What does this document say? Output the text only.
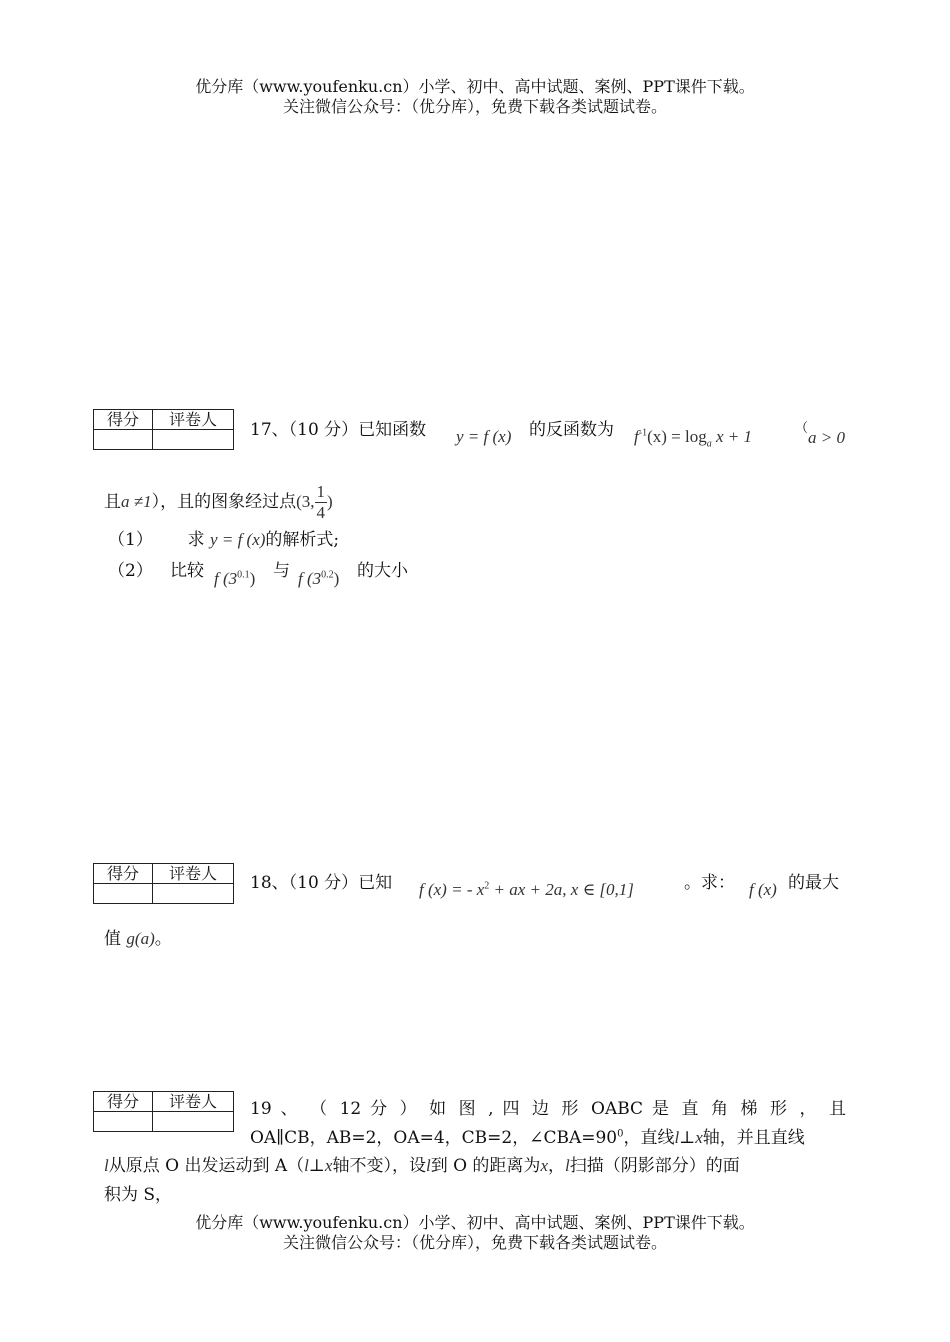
优分库（www.youfenku.cn）小学、初中、高中试题、案例、PPT课件下载。
关注微信公众号：（优分库），免费下载各类试题试卷。
得分	评卷人

17、（10 分）已知函数 y = f (x) 的反函数为 $f^{-1}(x) = \log_a x + 1$	（ a > 0
且a ≠1），且的图象经过点(3, $\frac{1}{4}$ )
（1） 求 y = f (x)的解析式;
（2） 比较 f $(3^{0.1})$ 与 f $(3^{0.2})$ 的大小
得分	评卷人
	18、（10 分）已知 f (x) = - $x^2$ + ax + 2a, x ∈ [0,1]	。求： f (x) 的最大
值 g(a)。
得分	评卷人
	19 、 （ 12 分 ） 如 图 , 四 边 形 OABC 是 直 角 梯 形 ， 且
OA∥CB，AB=2，OA=4，CB=2，$\angle CBA=90^0$，直线l⊥x轴，并且直线
l从原点 O 出发运动到 A（l⊥x轴不变），设l到 O 的距离为x，l扫描（阴影部分）的面
积为 S，
优分库（www.youfenku.cn）小学、初中、高中试题、案例、PPT课件下载。
关注微信公众号：（优分库），免费下载各类试题试卷。
